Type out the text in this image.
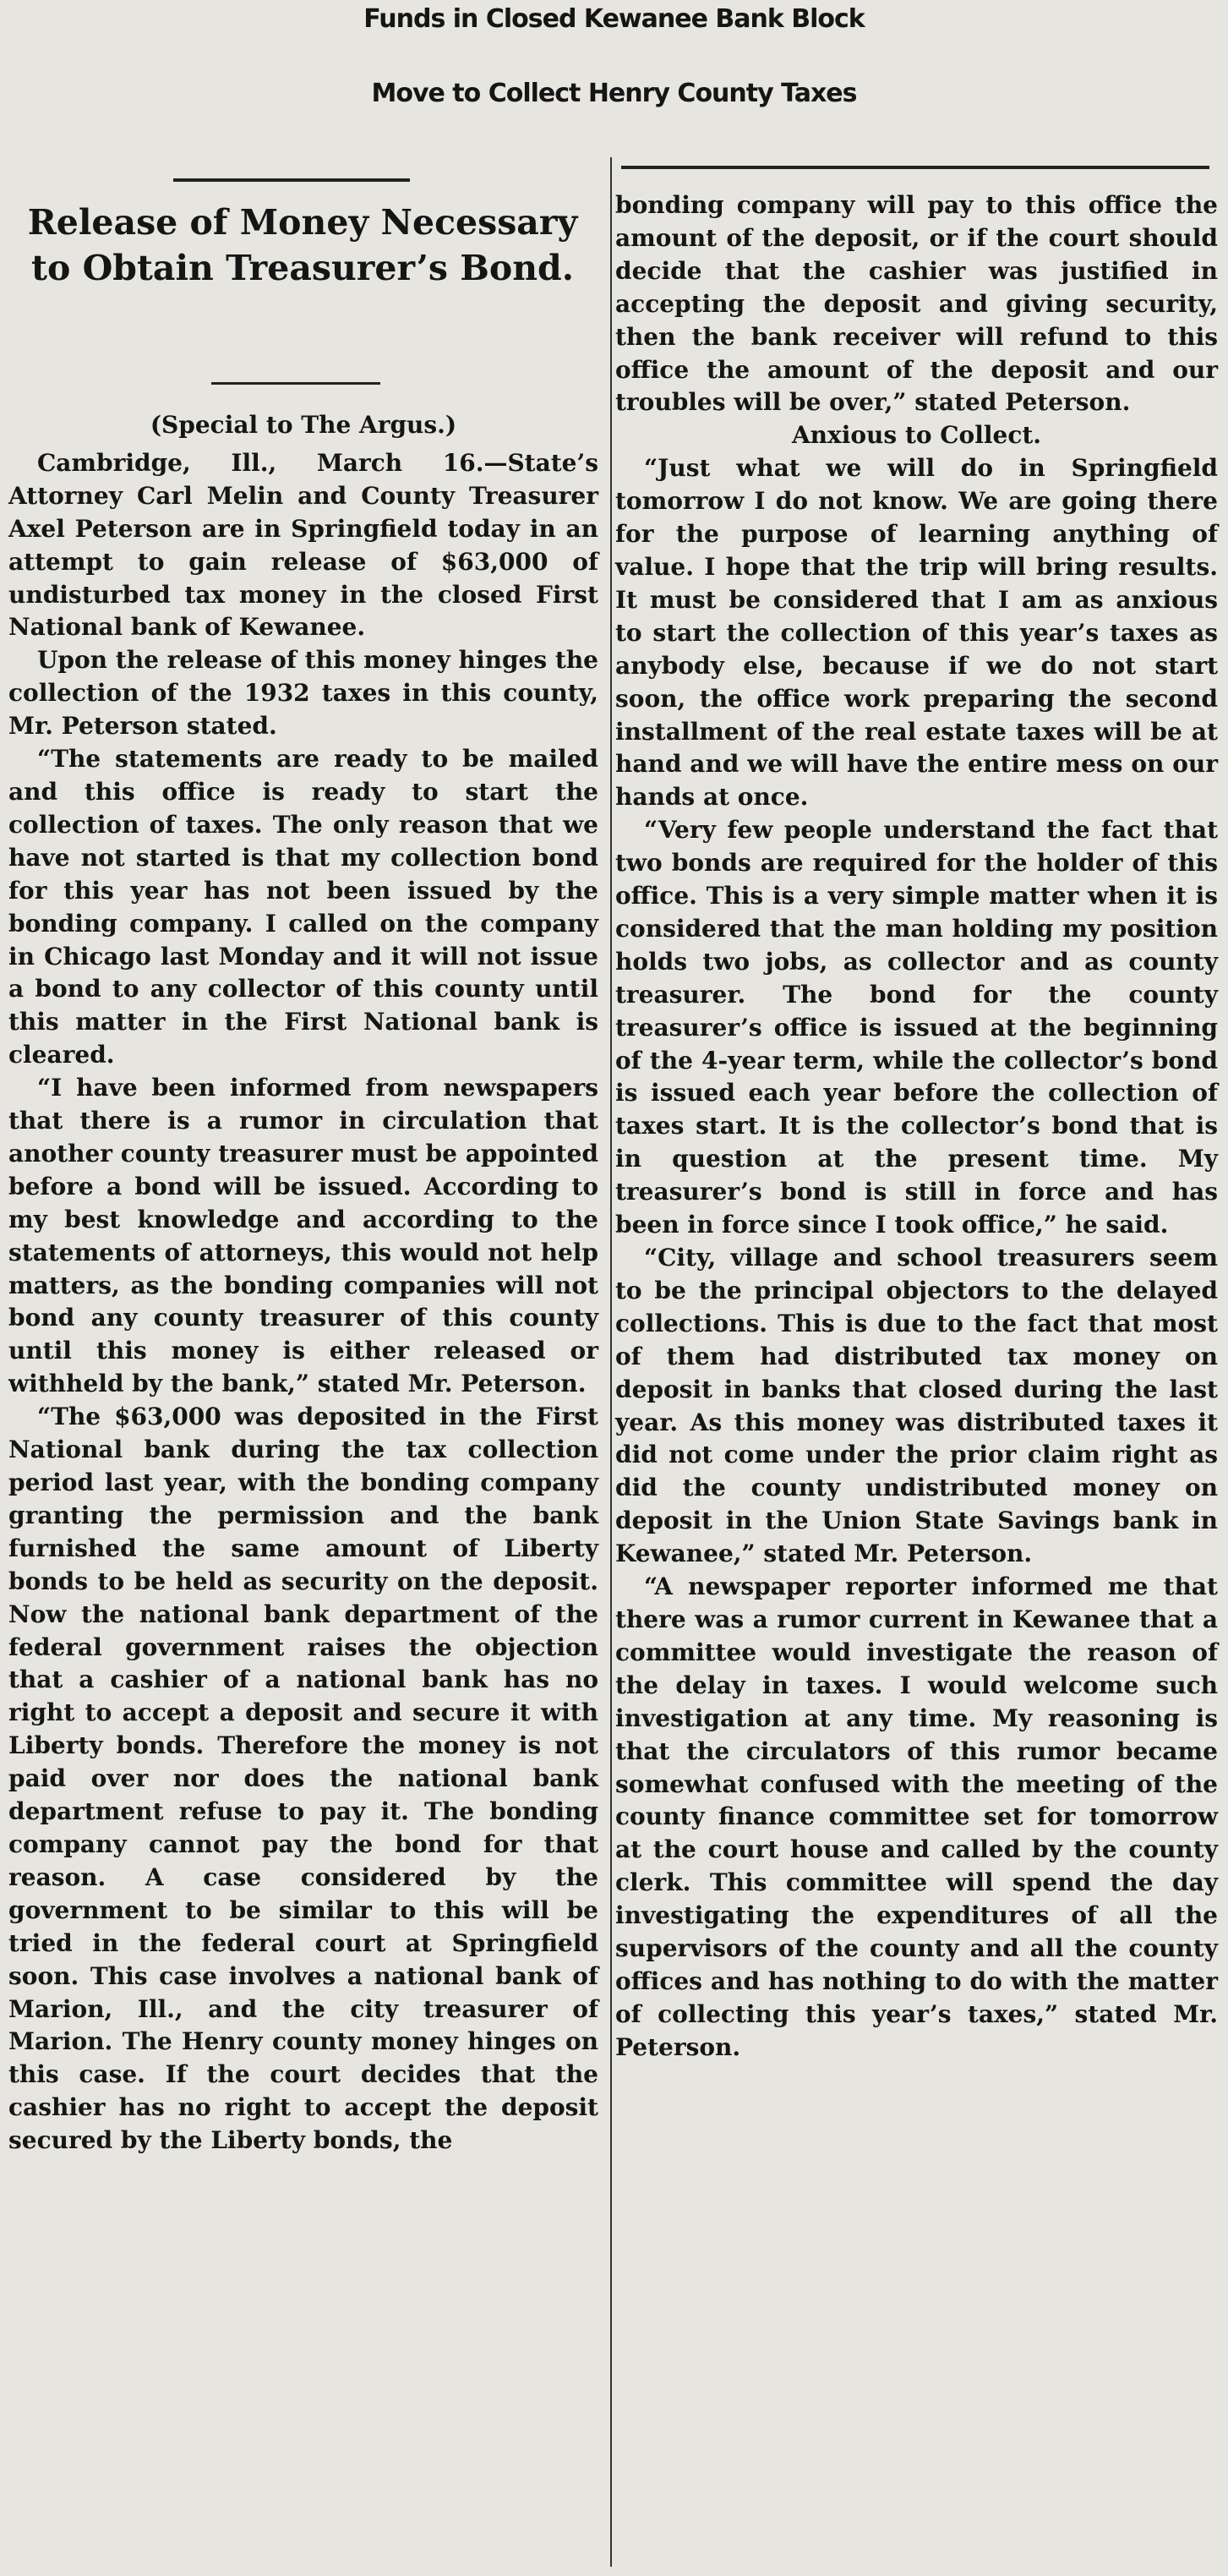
Funds in Closed Kewanee Bank Block
Move to Collect Henry County Taxes
Release of Money Necessary to Obtain Treasurer’s Bond.

(Special to The Argus.)

Cambridge, Ill., March 16.—State’s Attorney Carl Melin and County Treasurer Axel Peterson are in Springfield today in an attempt to gain release of $63,000 of undisturbed tax money in the closed First National bank of Kewanee.

Upon the release of this money hinges the collection of the 1932 taxes in this county, Mr. Peterson stated.

“The statements are ready to be mailed and this office is ready to start the collection of taxes. The only reason that we have not started is that my collection bond for this year has not been issued by the bonding company. I called on the company in Chicago last Monday and it will not issue a bond to any collector of this county until this matter in the First National bank is cleared.

“I have been informed from newspapers that there is a rumor in circulation that another county treasurer must be appointed before a bond will be issued. According to my best knowledge and according to the statements of attorneys, this would not help matters, as the bonding companies will not bond any county treasurer of this county until this money is either released or withheld by the bank,” stated Mr. Peterson.

“The $63,000 was deposited in the First National bank during the tax collection period last year, with the bonding company granting the permission and the bank furnished the same amount of Liberty bonds to be held as security on the deposit. Now the national bank department of the federal government raises the objection that a cashier of a national bank has no right to accept a deposit and secure it with Liberty bonds. Therefore the money is not paid over nor does the national bank department refuse to pay it. The bonding company cannot pay the bond for that reason. A case considered by the government to be similar to this will be tried in the federal court at Springfield soon. This case involves a national bank of Marion, Ill., and the city treasurer of Marion. The Henry county money hinges on this case. If the court decides that the cashier has no right to accept the deposit secured by the Liberty bonds, the

bonding company will pay to this office the amount of the deposit, or if the court should decide that the cashier was justified in accepting the deposit and giving security, then the bank receiver will refund to this office the amount of the deposit and our troubles will be over,” stated Peterson.

Anxious to Collect.

“Just what we will do in Springfield tomorrow I do not know. We are going there for the purpose of learning anything of value. I hope that the trip will bring results. It must be considered that I am as anxious to start the collection of this year’s taxes as anybody else, because if we do not start soon, the office work preparing the second installment of the real estate taxes will be at hand and we will have the entire mess on our hands at once.

“Very few people understand the fact that two bonds are required for the holder of this office. This is a very simple matter when it is considered that the man holding my position holds two jobs, as collector and as county treasurer. The bond for the county treasurer’s office is issued at the beginning of the 4-year term, while the collector’s bond is issued each year before the collection of taxes start. It is the collector’s bond that is in question at the present time. My treasurer’s bond is still in force and has been in force since I took office,” he said.

“City, village and school treasurers seem to be the principal objectors to the delayed collections. This is due to the fact that most of them had distributed tax money on deposit in banks that closed during the last year. As this money was distributed taxes it did not come under the prior claim right as did the county undistributed money on deposit in the Union State Savings bank in Kewanee,” stated Mr. Peterson.

“A newspaper reporter informed me that there was a rumor current in Kewanee that a committee would investigate the reason of the delay in taxes. I would welcome such investigation at any time. My reasoning is that the circulators of this rumor became somewhat confused with the meeting of the county finance committee set for tomorrow at the court house and called by the county clerk. This committee will spend the day investigating the expenditures of all the supervisors of the county and all the county offices and has nothing to do with the matter of collecting this year’s taxes,” stated Mr. Peterson.
